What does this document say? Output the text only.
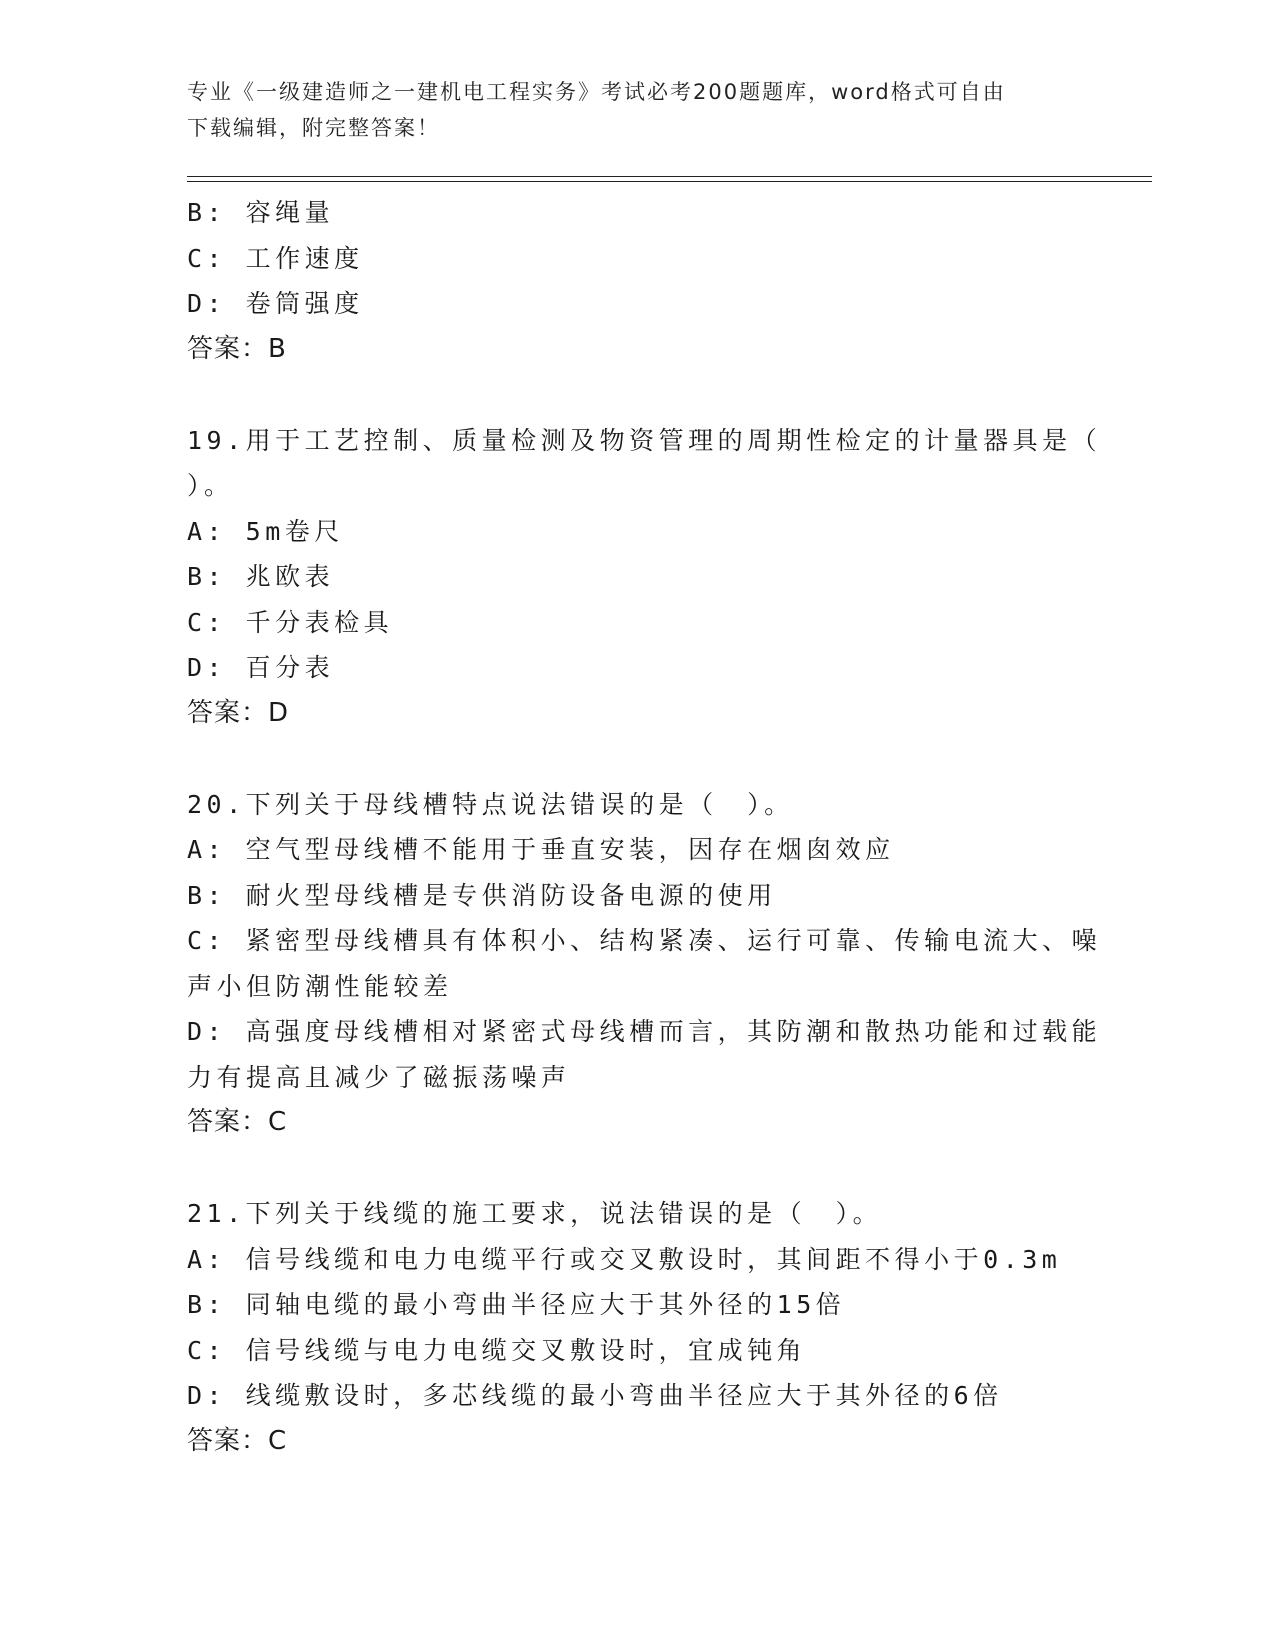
专业《一级建造师之一建机电工程实务》考试必考200题题库，word格式可自由
下载编辑，附完整答案！
B: 容绳量
C: 工作速度
D: 卷筒强度
答案：B
19.用于工艺控制、质量检测及物资管理的周期性检定的计量器具是（
）。
A: 5m卷尺
B: 兆欧表
C: 千分表检具
D: 百分表
答案：D
20.下列关于母线槽特点说法错误的是（　）。
A: 空气型母线槽不能用于垂直安装，因存在烟囱效应
B: 耐火型母线槽是专供消防设备电源的使用
C: 紧密型母线槽具有体积小、结构紧凑、运行可靠、传输电流大、噪
声小但防潮性能较差
D: 高强度母线槽相对紧密式母线槽而言，其防潮和散热功能和过载能
力有提高且减少了磁振荡噪声
答案：C
21.下列关于线缆的施工要求，说法错误的是（　）。
A: 信号线缆和电力电缆平行或交叉敷设时，其间距不得小于0.3m
B: 同轴电缆的最小弯曲半径应大于其外径的15倍
C: 信号线缆与电力电缆交叉敷设时，宜成钝角
D: 线缆敷设时，多芯线缆的最小弯曲半径应大于其外径的6倍
答案：C
